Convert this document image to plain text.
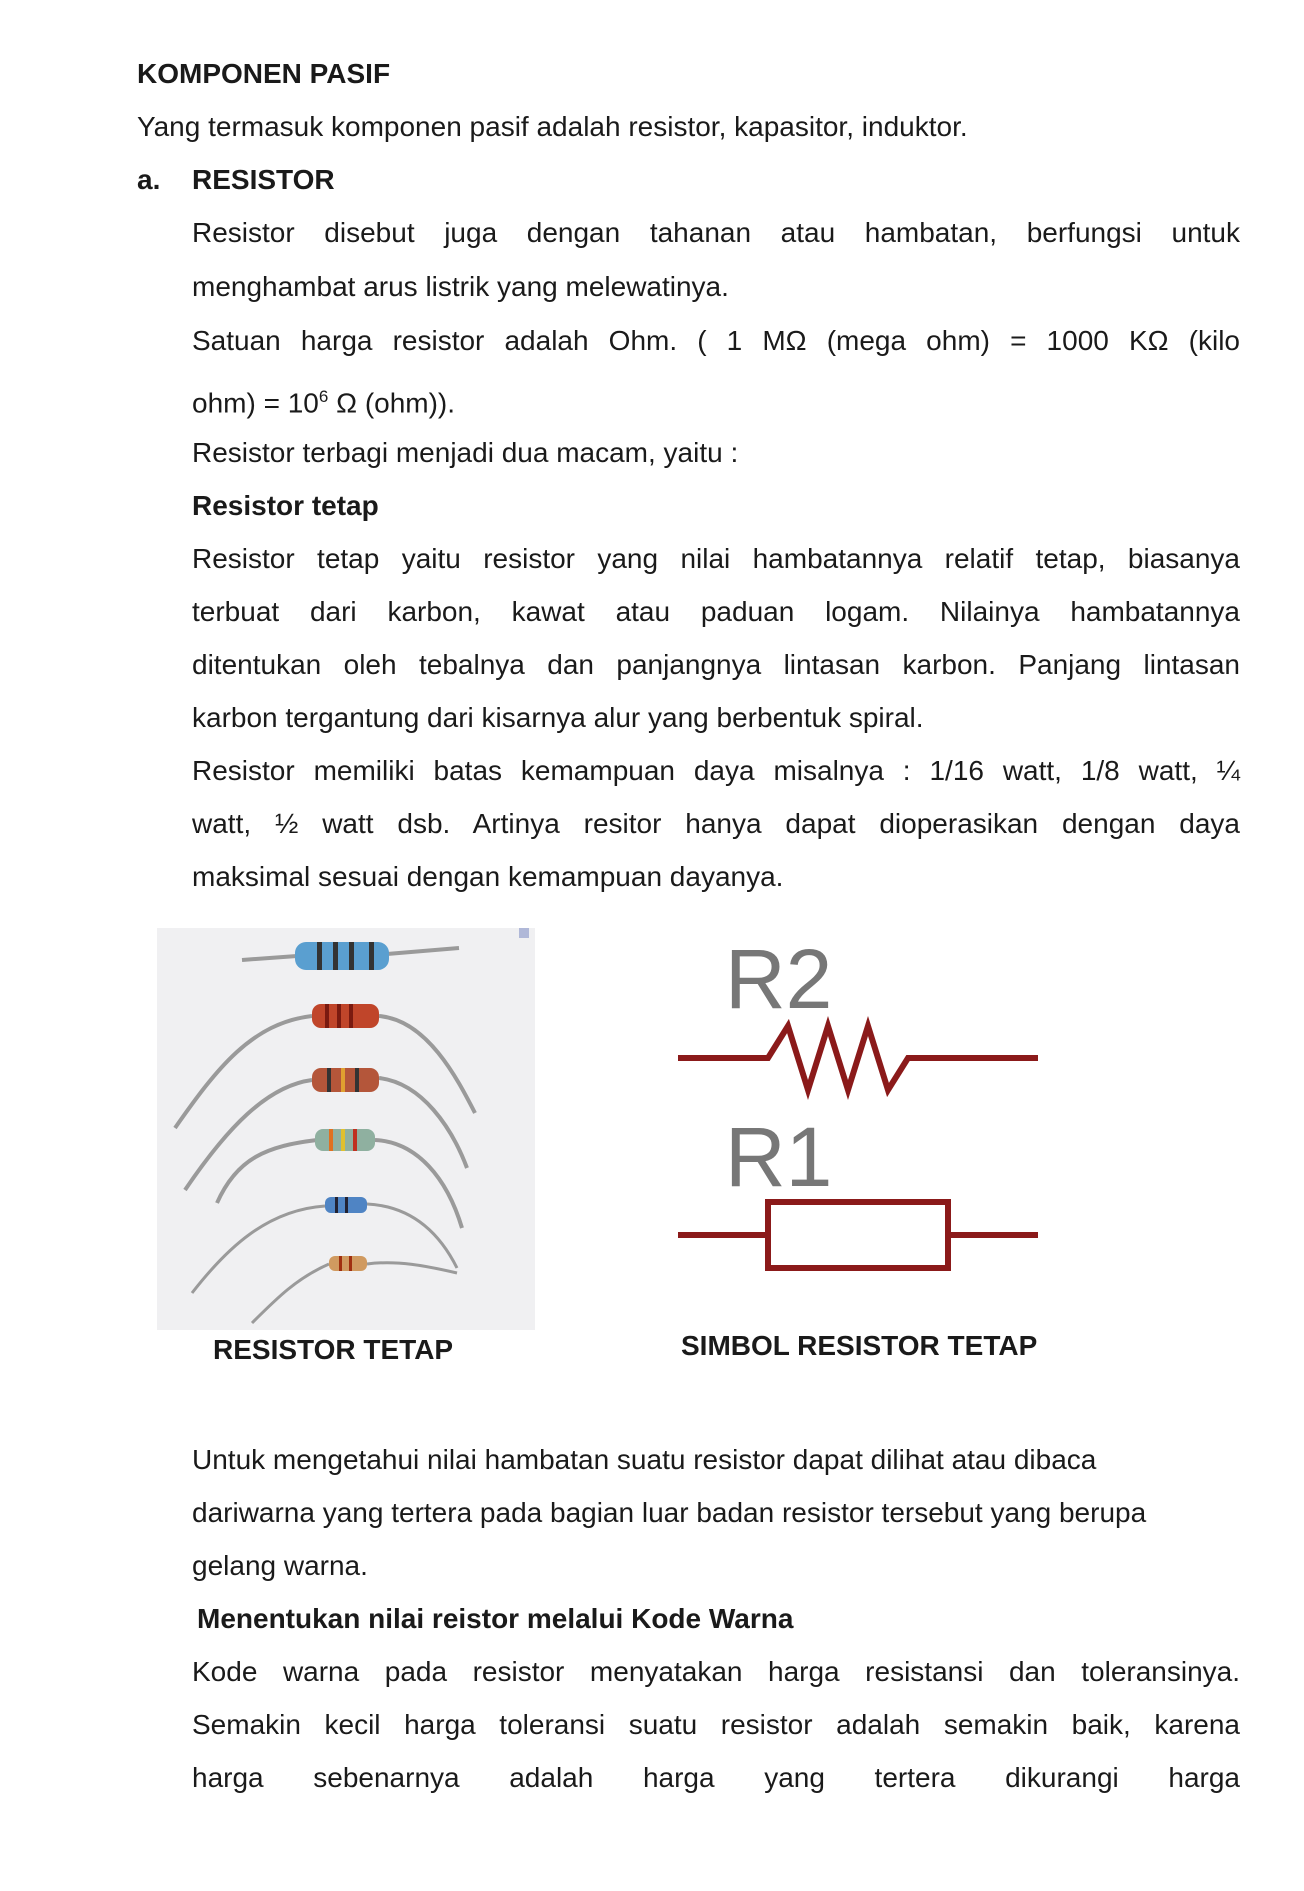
KOMPONEN PASIF
Yang termasuk komponen pasif adalah resistor, kapasitor, induktor.
a. RESISTOR
Resistor disebut juga dengan tahanan atau hambatan, berfungsi untuk
menghambat arus listrik yang melewatinya.
Satuan harga resistor adalah Ohm. ( 1 MΩ (mega ohm) = 1000 KΩ (kilo
$ohm) = 10^6$ Ω (ohm)).
Resistor terbagi menjadi dua macam, yaitu :
Resistor tetap
Resistor tetap yaitu resistor yang nilai hambatannya relatif tetap, biasanya
terbuat dari karbon, kawat atau paduan logam. Nilainya hambatannya
ditentukan oleh tebalnya dan panjangnya lintasan karbon. Panjang lintasan
karbon tergantung dari kisarnya alur yang berbentuk spiral.
Resistor memiliki batas kemampuan daya misalnya : 1/16 watt, 1/8 watt, ¼
watt, ½ watt dsb. Artinya resitor hanya dapat dioperasikan dengan daya
maksimal sesuai dengan kemampuan dayanya.
RESISTOR TETAP
R2
R1
SIMBOL RESISTOR TETAP
Untuk mengetahui nilai hambatan suatu resistor dapat dilihat atau dibaca
dariwarna yang tertera pada bagian luar badan resistor tersebut yang berupa
gelang warna.
Menentukan nilai reistor melalui Kode Warna
Kode warna pada resistor menyatakan harga resistansi dan toleransinya.
Semakin kecil harga toleransi suatu resistor adalah semakin baik, karena
harga sebenarnya adalah harga yang tertera dikurangi harga
